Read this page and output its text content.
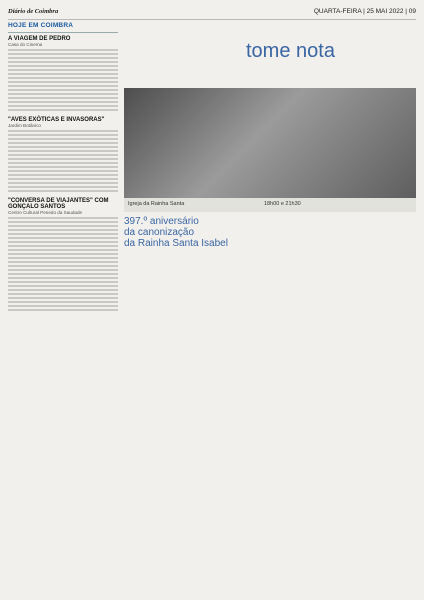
Diário de Coimbra	QUARTA-FEIRA | 25 MAI 2022 | 09
HOJE EM COIMBRA
A VIAGEM DE PEDRO
Casa do Cinema
"AVES EXÓTICAS E INVASORAS"
Jardim Botânico
"CONVERSA DE VIAJANTES" COM GONÇALO SANTOS
Centro Cultural Penedo da Saudade
tome nota
Igreja da Rainha Santa	18h00 e 21h30
397.º aniversário
da canonização
da Rainha Santa Isabel
